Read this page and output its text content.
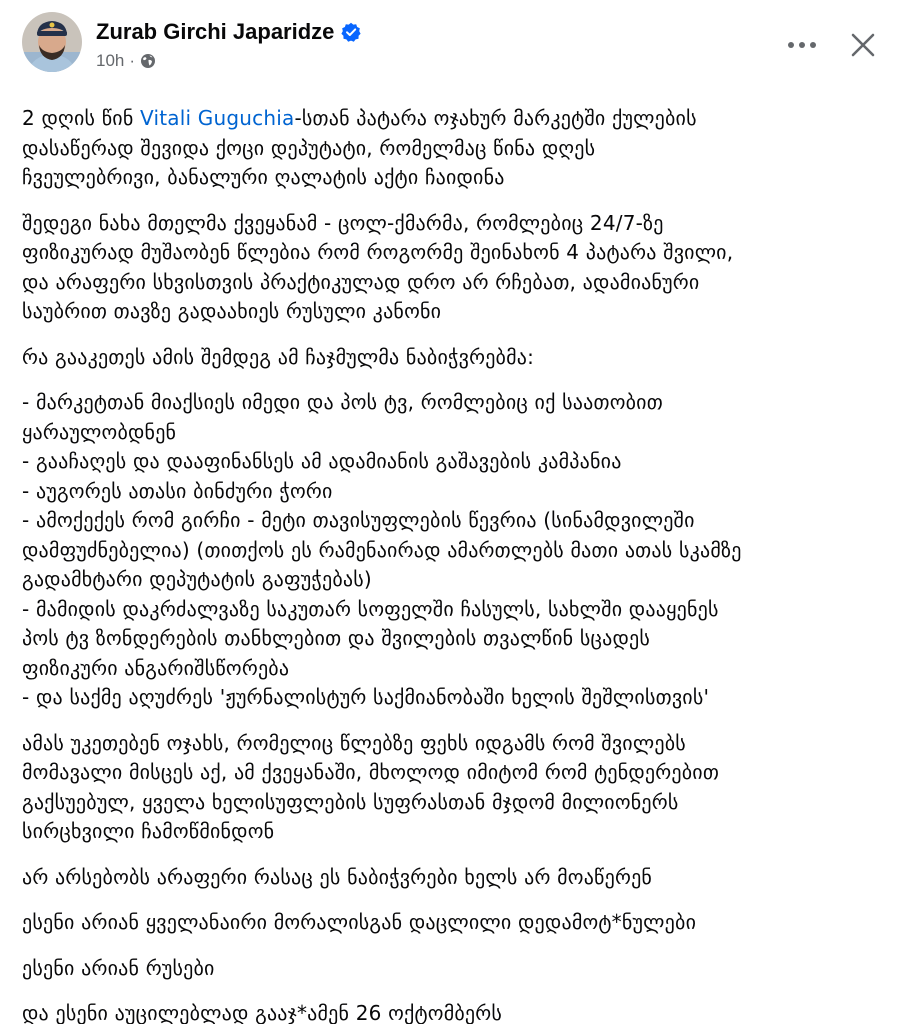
Zurab Girchi Japaridze
10h ·
2 დღის წინ Vitali Guguchia-სთან პატარა ოჯახურ მარკეტში ქულების
დასაწერად შევიდა ქოცი დეპუტატი, რომელმაც წინა დღეს
ჩვეულებრივი, ბანალური ღალატის აქტი ჩაიდინა
შედეგი ნახა მთელმა ქვეყანამ - ცოლ-ქმარმა, რომლებიც 24/7-ზე
ფიზიკურად მუშაობენ წლებია რომ როგორმე შეინახონ 4 პატარა შვილი,
და არაფერი სხვისთვის პრაქტიკულად დრო არ რჩებათ, ადამიანური
საუბრით თავზე გადაახიეს რუსული კანონი
რა გააკეთეს ამის შემდეგ ამ ჩაჯმულმა ნაბიჭვრებმა:
- მარკეტთან მიაქსიეს იმედი და პოს ტვ, რომლებიც იქ საათობით
ყარაულობდნენ
- გააჩაღეს და დააფინანსეს ამ ადამიანის გაშავების კამპანია
- აუგორეს ათასი ბინძური ჭორი
- ამოქექეს რომ გირჩი - მეტი თავისუფლების წევრია (სინამდვილეში
დამფუძნებელია) (თითქოს ეს რამენაირად ამართლებს მათი ათას სკამზე
გადამხტარი დეპუტატის გაფუჭებას)
- მამიდის დაკრძალვაზე საკუთარ სოფელში ჩასულს, სახლში დააყენეს
პოს ტვ ზონდერების თანხლებით და შვილების თვალწინ სცადეს
ფიზიკური ანგარიშსწორება
- და საქმე აღუძრეს 'ჟურნალისტურ საქმიანობაში ხელის შეშლისთვის'
ამას უკეთებენ ოჯახს, რომელიც წლებზე ფეხს იდგამს რომ შვილებს
მომავალი მისცეს აქ, ამ ქვეყანაში, მხოლოდ იმიტომ რომ ტენდერებით
გაქსუებულ, ყველა ხელისუფლების სუფრასთან მჯდომ მილიონერს
სირცხვილი ჩამოწმინდონ
არ არსებობს არაფერი რასაც ეს ნაბიჭვრები ხელს არ მოაწერენ
ესენი არიან ყველანაირი მორალისგან დაცლილი დედამოტ*ნულები
ესენი არიან რუსები
და ესენი აუცილებლად გააჯ*ამენ 26 ოქტომბერს
